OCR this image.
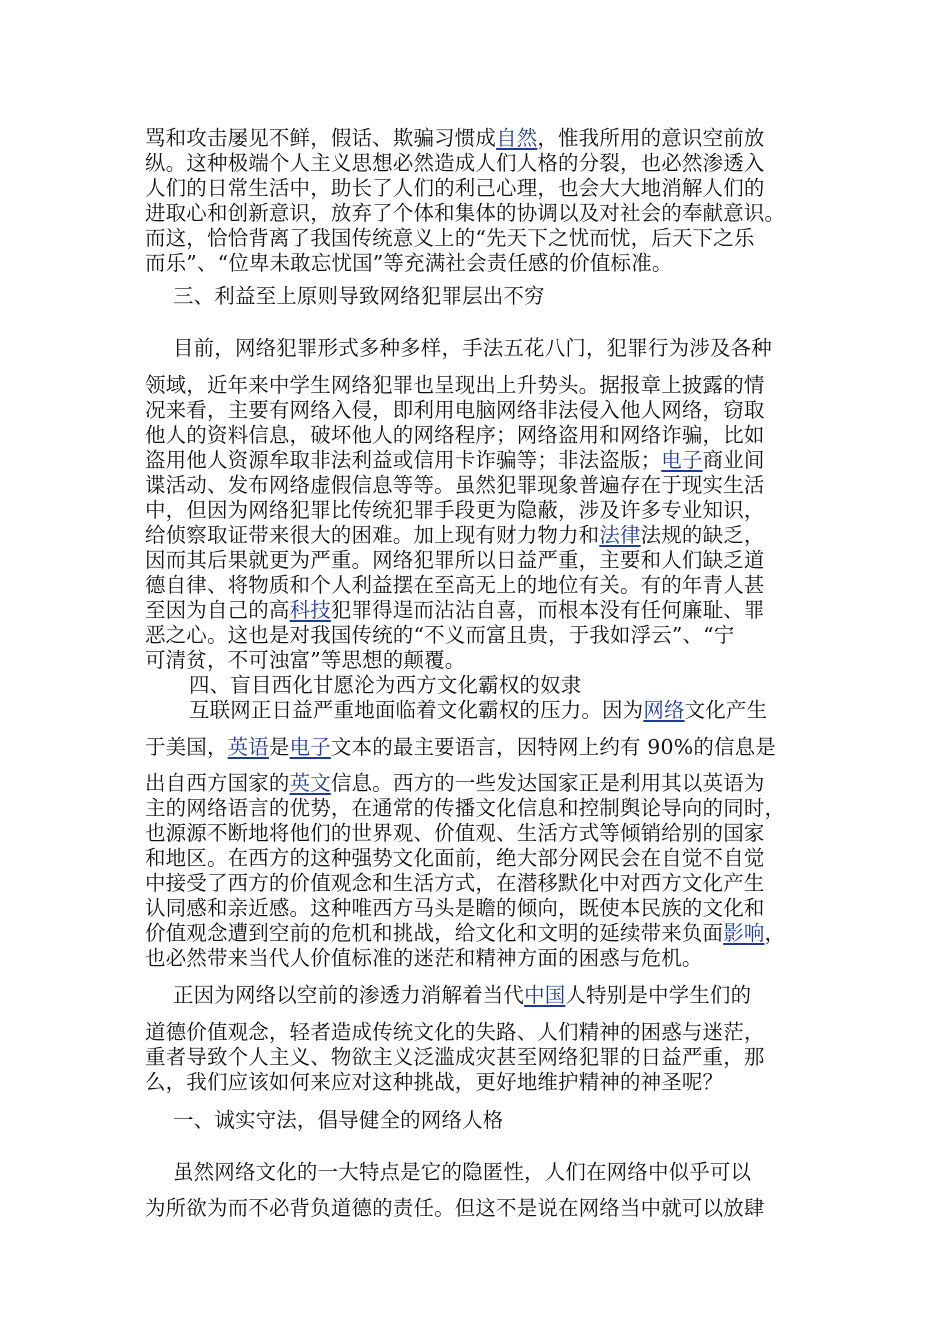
骂和攻击屡见不鲜，假话、欺骗习惯成自然，惟我所用的意识空前放
纵。这种极端个人主义思想必然造成人们人格的分裂，也必然渗透入
人们的日常生活中，助长了人们的利己心理，也会大大地消解人们的
进取心和创新意识，放弃了个体和集体的协调以及对社会的奉献意识。
而这，恰恰背离了我国传统意义上的“先天下之忧而忧，后天下之乐
而乐”、“位卑未敢忘忧国”等充满社会责任感的价值标准。
三、利益至上原则导致网络犯罪层出不穷
目前，网络犯罪形式多种多样，手法五花八门，犯罪行为涉及各种
领域，近年来中学生网络犯罪也呈现出上升势头。据报章上披露的情
况来看，主要有网络入侵，即利用电脑网络非法侵入他人网络，窃取
他人的资料信息，破坏他人的网络程序；网络盗用和网络诈骗，比如
盗用他人资源牟取非法利益或信用卡诈骗等；非法盗版；电子商业间
谍活动、发布网络虚假信息等等。虽然犯罪现象普遍存在于现实生活
中，但因为网络犯罪比传统犯罪手段更为隐蔽，涉及许多专业知识，
给侦察取证带来很大的困难。加上现有财力物力和法律法规的缺乏，
因而其后果就更为严重。网络犯罪所以日益严重，主要和人们缺乏道
德自律、将物质和个人利益摆在至高无上的地位有关。有的年青人甚
至因为自己的高科技犯罪得逞而沾沾自喜，而根本没有任何廉耻、罪
恶之心。这也是对我国传统的“不义而富且贵，于我如浮云”、“宁
可清贫，不可浊富”等思想的颠覆。
四、盲目西化甘愿沦为西方文化霸权的奴隶
互联网正日益严重地面临着文化霸权的压力。因为网络文化产生
于美国，英语是电子文本的最主要语言，因特网上约有 90%的信息是
出自西方国家的英文信息。西方的一些发达国家正是利用其以英语为
主的网络语言的优势，在通常的传播文化信息和控制舆论导向的同时，
也源源不断地将他们的世界观、价值观、生活方式等倾销给别的国家
和地区。在西方的这种强势文化面前，绝大部分网民会在自觉不自觉
中接受了西方的价值观念和生活方式，在潜移默化中对西方文化产生
认同感和亲近感。这种唯西方马头是瞻的倾向，既使本民族的文化和
价值观念遭到空前的危机和挑战，给文化和文明的延续带来负面影响，
也必然带来当代人价值标准的迷茫和精神方面的困惑与危机。
正因为网络以空前的渗透力消解着当代中国人特别是中学生们的
道德价值观念，轻者造成传统文化的失路、人们精神的困惑与迷茫，
重者导致个人主义、物欲主义泛滥成灾甚至网络犯罪的日益严重，那
么，我们应该如何来应对这种挑战，更好地维护精神的神圣呢？
一、诚实守法，倡导健全的网络人格
虽然网络文化的一大特点是它的隐匿性，人们在网络中似乎可以
为所欲为而不必背负道德的责任。但这不是说在网络当中就可以放肆
